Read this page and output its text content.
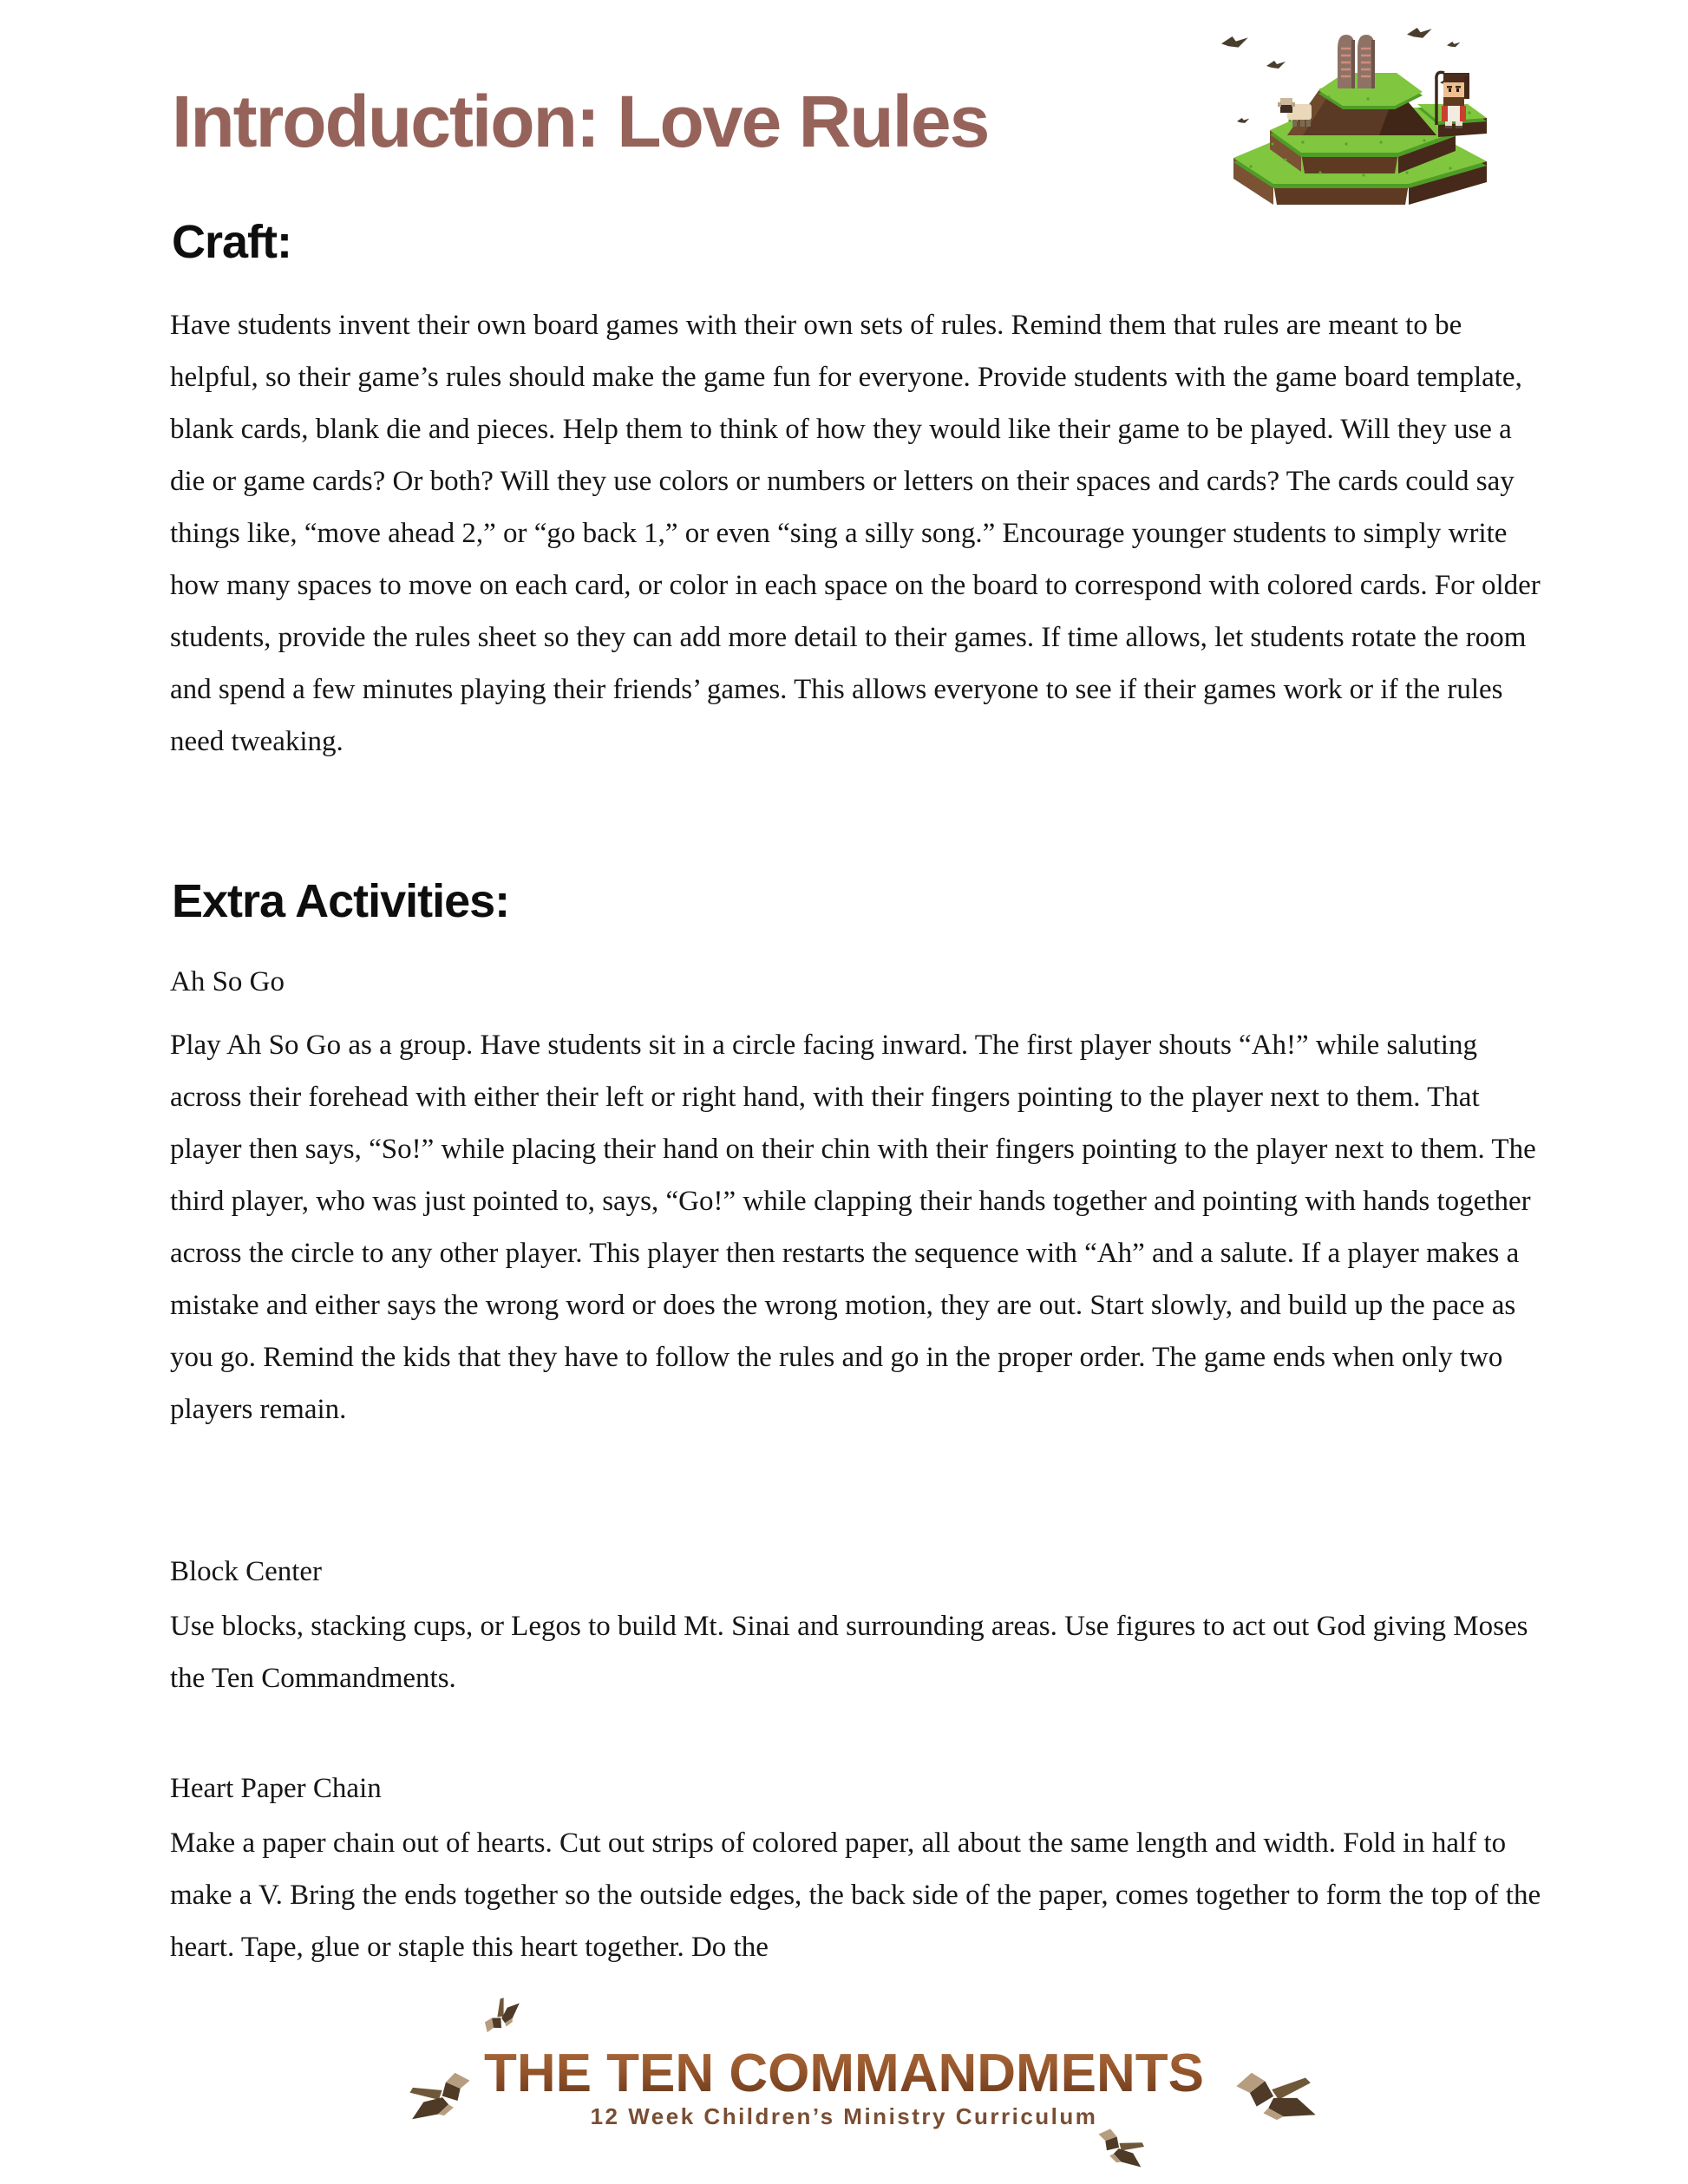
Introduction: Love Rules
Craft:

Have students invent their own board games with their own sets of rules. Remind them that rules are meant to be helpful, so their game’s rules should make the game fun for everyone. Provide students with the game board template, blank cards, blank die and pieces. Help them to think of how they would like their game to be played. Will they use a die or game cards? Or both? Will they use colors or numbers or letters on their spaces and cards? The cards could say things like, “move ahead 2,” or “go back 1,” or even “sing a silly song.” Encourage younger students to simply write how many spaces to move on each card, or color in each space on the board to correspond with colored cards. For older students, provide the rules sheet so they can add more detail to their games. If time allows, let students rotate the room and spend a few minutes playing their friends’ games. This allows everyone to see if their games work or if the rules need tweaking.

Extra Activities:

Ah So Go

Play Ah So Go as a group. Have students sit in a circle facing inward. The first player shouts “Ah!” while saluting across their forehead with either their left or right hand, with their fingers pointing to the player next to them. That player then says, “So!” while placing their hand on their chin with their fingers pointing to the player next to them. The third player, who was just pointed to, says, “Go!” while clapping their hands together and pointing with hands together across the circle to any other player. This player then restarts the sequence with “Ah” and a salute. If a player makes a mistake and either says the wrong word or does the wrong motion, they are out. Start slowly, and build up the pace as you go. Remind the kids that they have to follow the rules and go in the proper order. The game ends when only two players remain.

Block Center

Use blocks, stacking cups, or Legos to build Mt. Sinai and surrounding areas. Use figures to act out God giving Moses the Ten Commandments.

Heart Paper Chain

Make a paper chain out of hearts. Cut out strips of colored paper, all about the same length and width. Fold in half to make a V. Bring the ends together so the outside edges, the back side of the paper, comes together to form the top of the heart. Tape, glue or staple this heart together. Do the

THE TEN COMMANDMENTS

12 Week Children’s Ministry Curriculum
